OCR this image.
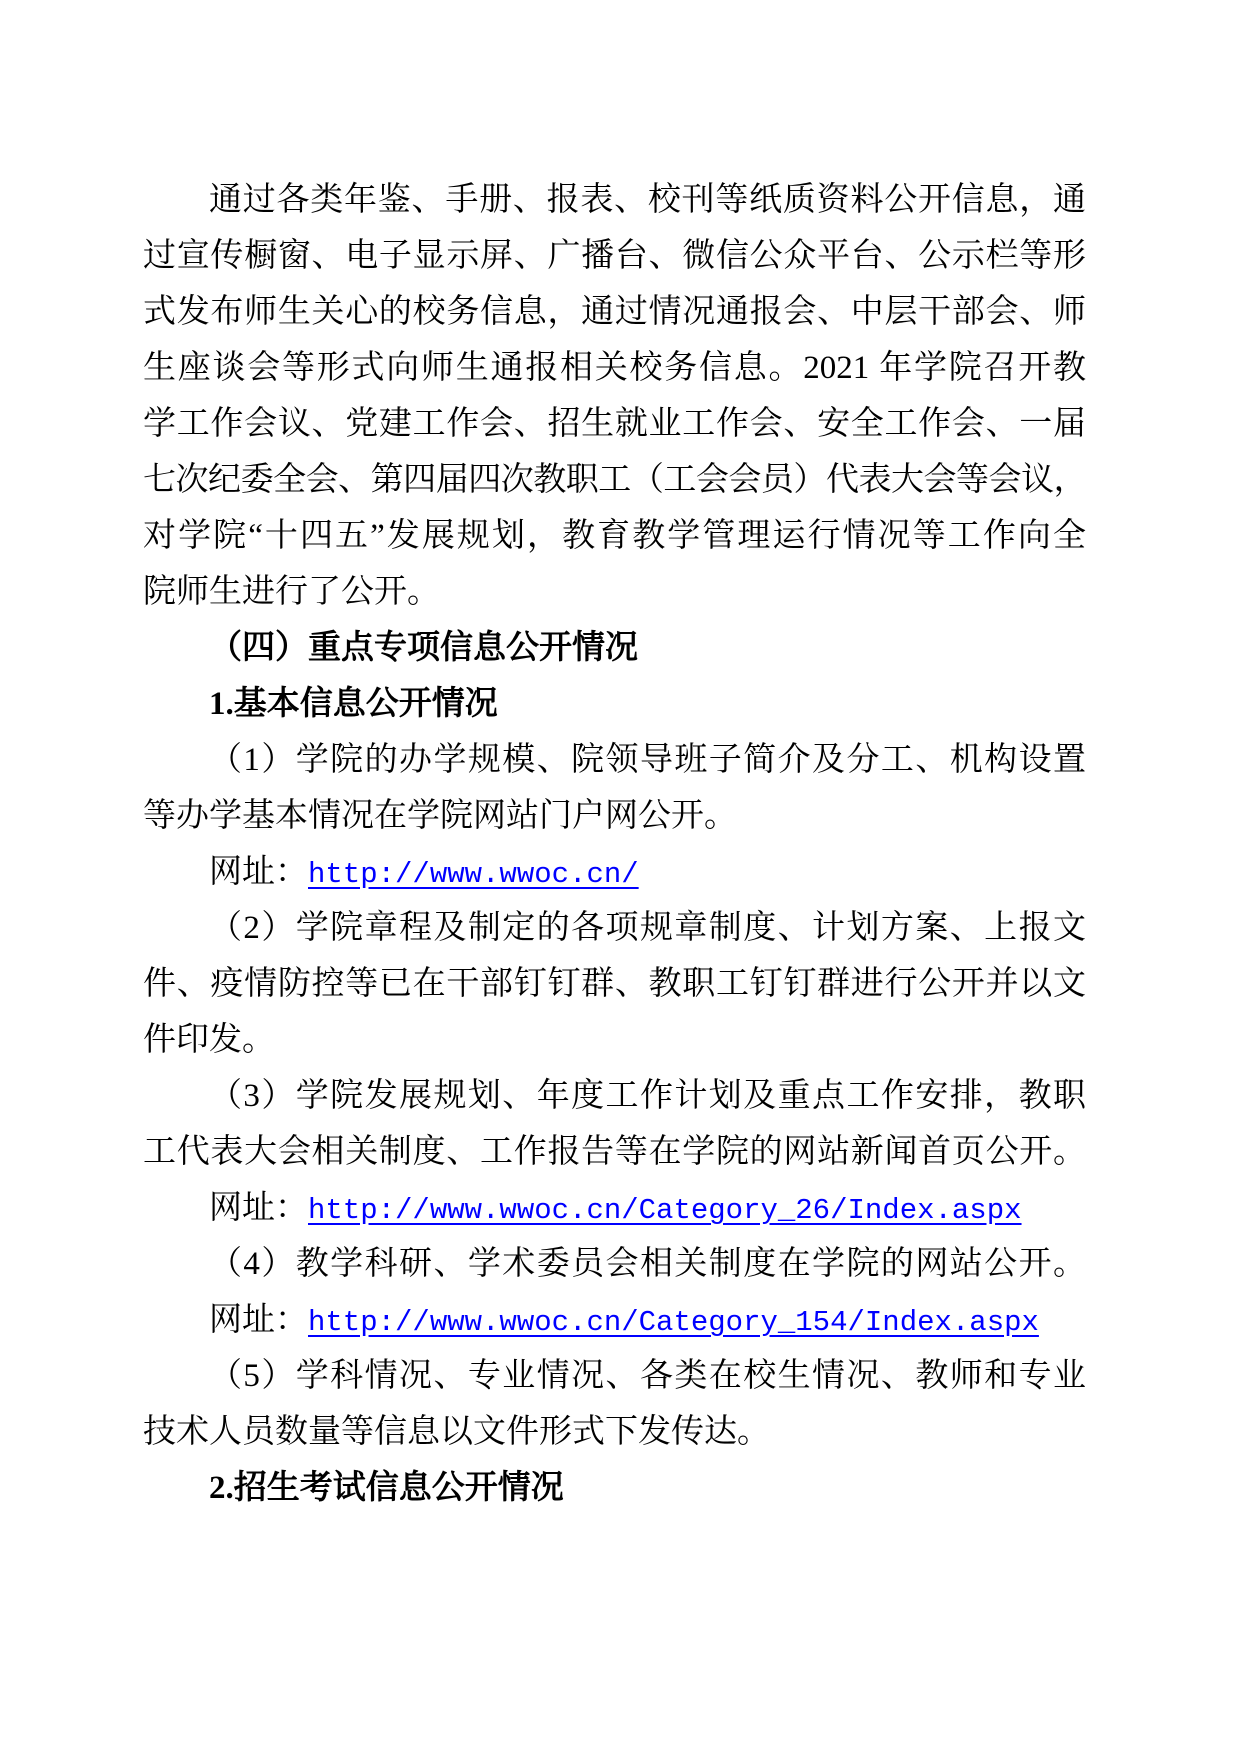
通过各类年鉴、手册、报表、校刊等纸质资料公开信息，通
过宣传橱窗、电子显示屏、广播台、微信公众平台、公示栏等形
式发布师生关心的校务信息，通过情况通报会、中层干部会、师
生座谈会等形式向师生通报相关校务信息。2021 年学院召开教
学工作会议、党建工作会、招生就业工作会、安全工作会、一届
七次纪委全会、第四届四次教职工（工会会员）代表大会等会议，
对学院“十四五”发展规划，教育教学管理运行情况等工作向全
院师生进行了公开。
（四）重点专项信息公开情况
1.基本信息公开情况
（1）学院的办学规模、院领导班子简介及分工、机构设置
等办学基本情况在学院网站门户网公开。
网址：http://www.wwoc.cn/
（2）学院章程及制定的各项规章制度、计划方案、上报文
件、疫情防控等已在干部钉钉群、教职工钉钉群进行公开并以文
件印发。
（3）学院发展规划、年度工作计划及重点工作安排，教职
工代表大会相关制度、工作报告等在学院的网站新闻首页公开。
网址：http://www.wwoc.cn/Category_26/Index.aspx
（4）教学科研、学术委员会相关制度在学院的网站公开。
网址：http://www.wwoc.cn/Category_154/Index.aspx
（5）学科情况、专业情况、各类在校生情况、教师和专业
技术人员数量等信息以文件形式下发传达。
2.招生考试信息公开情况
